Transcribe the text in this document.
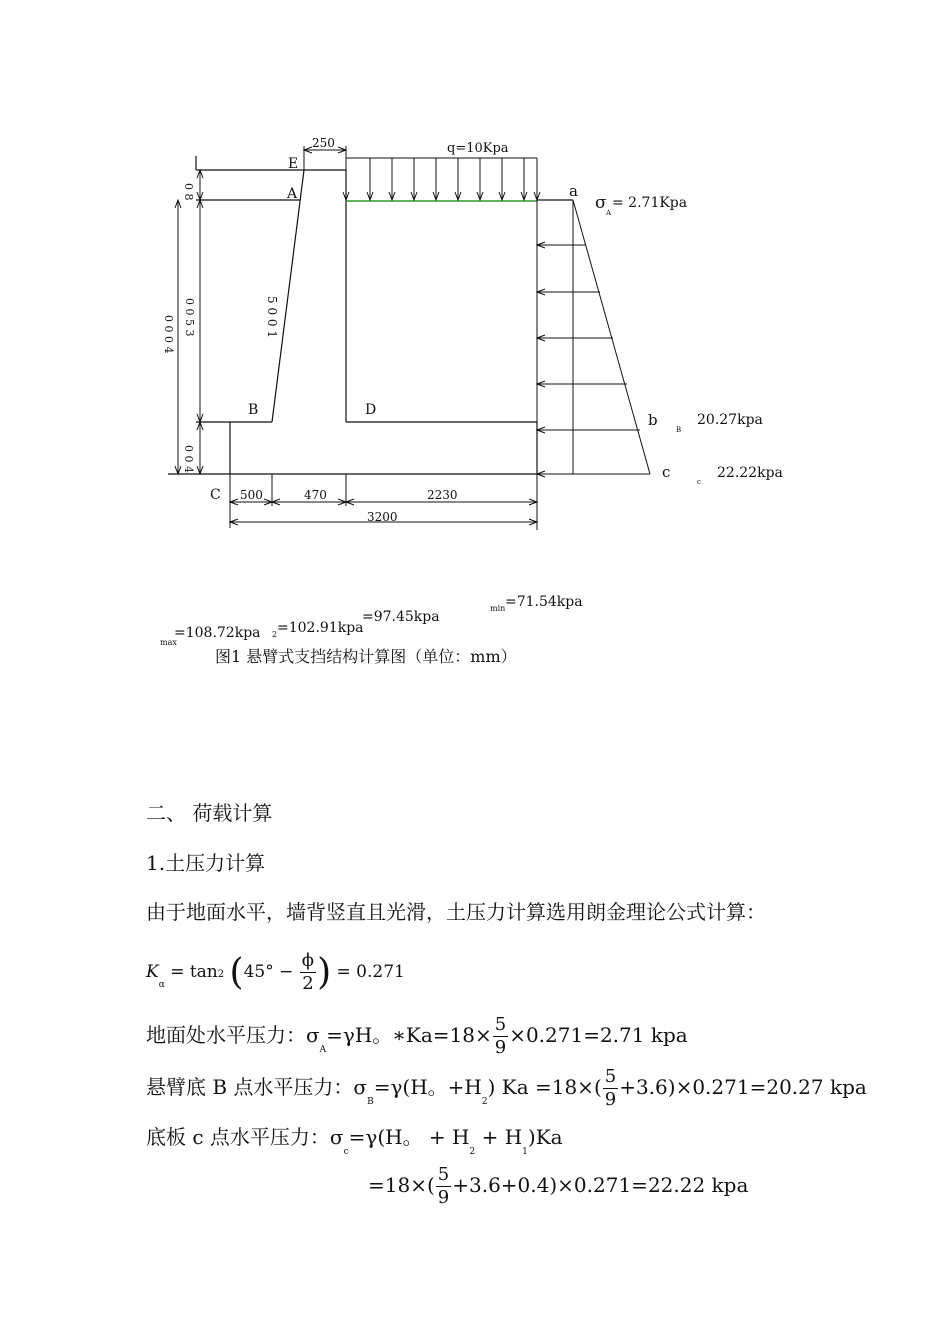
250	q=10Kpa
E
A
B	D
C
a
b
c
0 8
0 0 5 3
0 0 0 4
0 0 4
5 0 0 1
500	470	2230
3200
σ A
= 2.71Kpa
B
20.27kpa
c
22.22kpa
max
=108.72kpa 2 =102.91kpa
=97.45kpa
min =71.54kpa
图1 悬臂式支挡结构计算图（单位：mm）
二、 荷载计算
1.土压力计算
由于地面水平，墙背竖直且光滑，土压力计算选用朗金理论公式计算：
$K_\alpha = \tan 2$ ($45^\circ - \frac{\phi}{2}$ ) = 0.271
地面处水平压力：$\sigma_A=\gamma H$。∗Ka=18× $\frac{5}{9} \times 0.271=2.71$ kpa
悬臂底 B 点水平压力：$\sigma_B=\gamma(H$。$+H_2$) $Ka =18\times( \frac{5}{9} +3.6)\times 0.271=20.27$ kpa
底板 c 点水平压力：$\sigma_c=\gamma(H$。 + $H_2 + H_1)Ka$
$=18\times( \frac{5}{9} +3.6+0.4)\times 0.271=22.22$ kpa
